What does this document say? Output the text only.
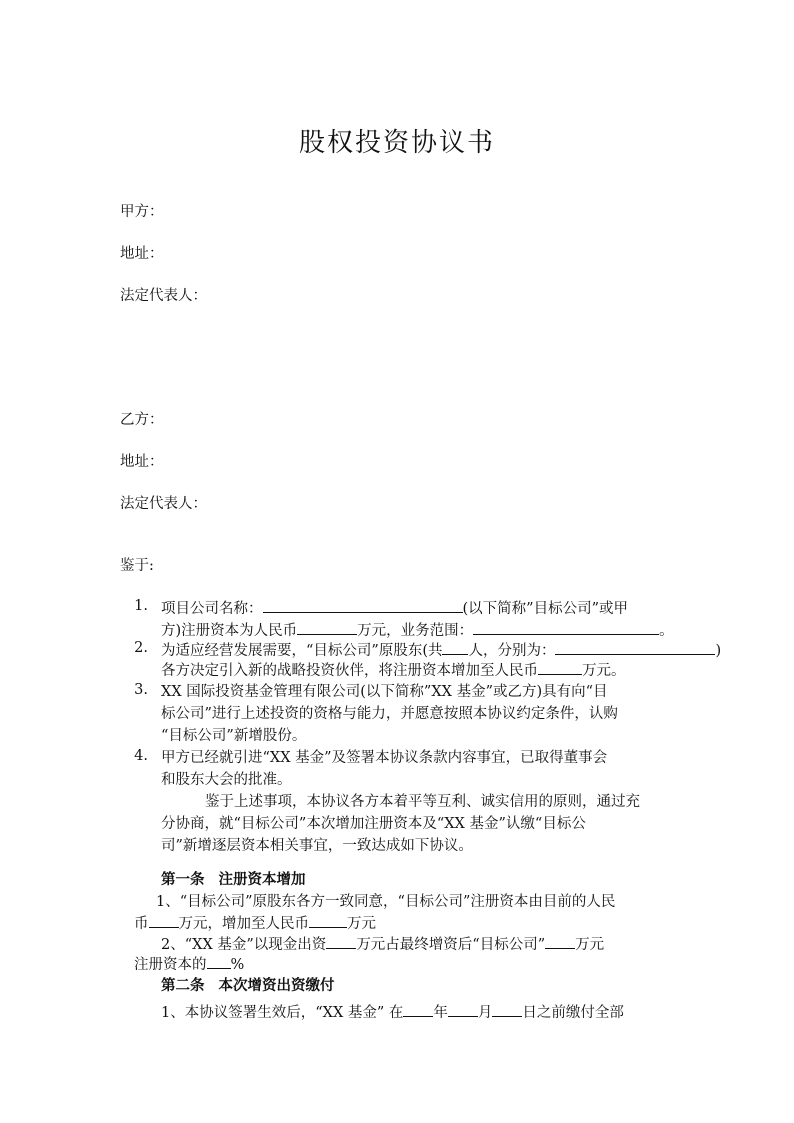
股权投资协议书
甲方：
地址：
法定代表人：
乙方：
地址：
法定代表人：
鉴于:
1. 项目公司名称：	(以下简称”目标公司”或甲
方)注册资本为人民币	万元，业务范围：	。
2. 为适应经营发展需要，“目标公司”原股东(共 人，分别为：	)
各方决定引入新的战略投资伙伴，将注册资本增加至人民币	万元。
3. XX 国际投资基金管理有限公司(以下简称”XX 基金”或乙方)具有向“目
标公司”进行上述投资的资格与能力，并愿意按照本协议约定条件，认购
“目标公司”新增股份。
4. 甲方已经就引进“XX 基金”及签署本协议条款内容事宜，已取得董事会
和股东大会的批准。
鉴于上述事项，本协议各方本着平等互利、诚实信用的原则，通过充
分协商，就“目标公司”本次增加注册资本及“XX 基金”认缴“目标公
司”新增逐层资本相关事宜，一致达成如下协议。
第一条 注册资本增加
1、“目标公司”原股东各方一致同意，“目标公司”注册资本由目前的人民
币 万元，增加至人民币	万元
2、“XX 基金”以现金出资 万元占最终增资后“目标公司” 万元
注册资本的 %
第二条 本次增资出资缴付
1、本协议签署生效后，“XX 基金” 在 年 月 日之前缴付全部
